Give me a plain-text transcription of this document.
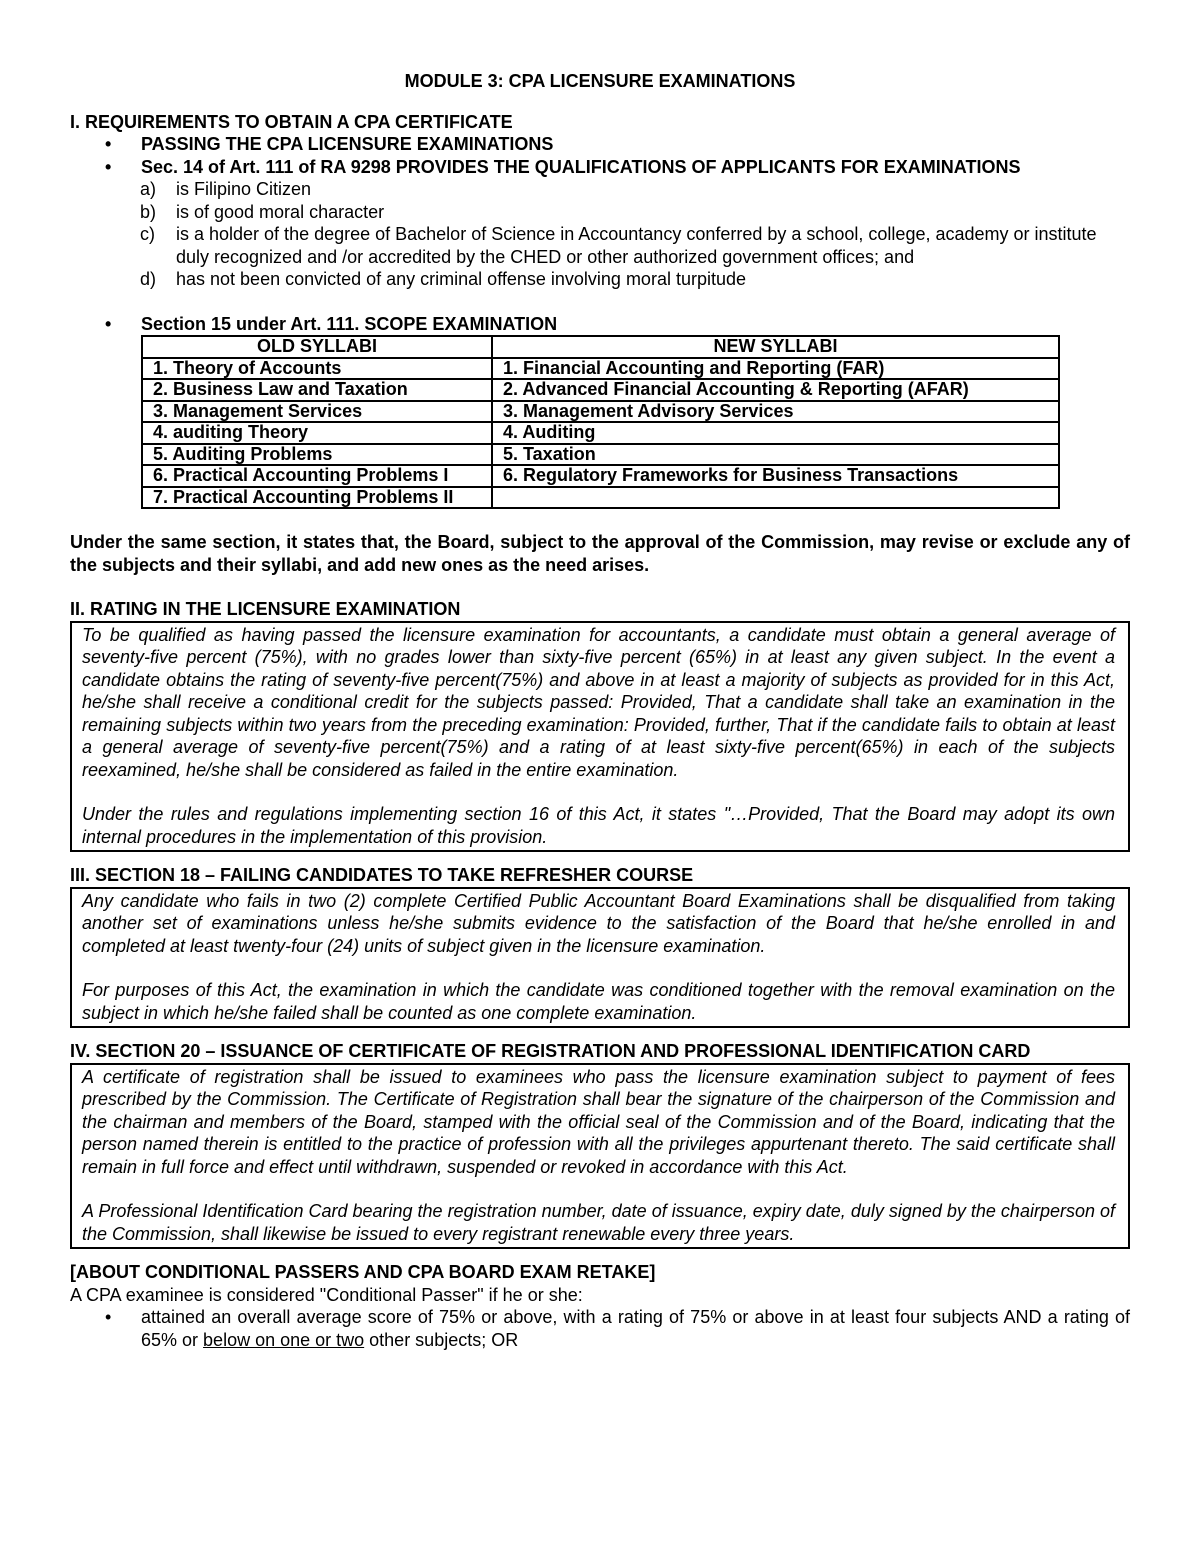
MODULE 3: CPA LICENSURE EXAMINATIONS

I. REQUIREMENTS TO OBTAIN A CPA CERTIFICATE

• PASSING THE CPA LICENSURE EXAMINATIONS
• Sec. 14 of Art. 111 of RA 9298 PROVIDES THE QUALIFICATIONS OF APPLICANTS FOR EXAMINATIONS
a) is Filipino Citizen
b) is of good moral character
c) is a holder of the degree of Bachelor of Science in Accountancy conferred by a school, college, academy or institute duly recognized and /or accredited by the CHED or other authorized government offices; and
d) has not been convicted of any criminal offense involving moral turpitude
• Section 15 under Art. 111. SCOPE EXAMINATION
OLD SYLLABI	NEW SYLLABI
1. Theory of Accounts	1. Financial Accounting and Reporting (FAR)
2. Business Law and Taxation	2. Advanced Financial Accounting & Reporting (AFAR)
3. Management Services	3. Management Advisory Services
4. auditing Theory	4. Auditing
5. Auditing Problems	5. Taxation
6. Practical Accounting Problems I	6. Regulatory Frameworks for Business Transactions
7. Practical Accounting Problems II	

Under the same section, it states that, the Board, subject to the approval of the Commission, may revise or exclude any of the subjects and their syllabi, and add new ones as the need arises.

II. RATING IN THE LICENSURE EXAMINATION

To be qualified as having passed the licensure examination for accountants, a candidate must obtain a general average of seventy-five percent (75%), with no grades lower than sixty-five percent (65%) in at least any given subject. In the event a candidate obtains the rating of seventy-five percent(75%) and above in at least a majority of subjects as provided for in this Act, he/she shall receive a conditional credit for the subjects passed: Provided, That a candidate shall take an examination in the remaining subjects within two years from the preceding examination: Provided, further, That if the candidate fails to obtain at least a general average of seventy-five percent(75%) and a rating of at least sixty-five percent(65%) in each of the subjects reexamined, he/she shall be considered as failed in the entire examination.

Under the rules and regulations implementing section 16 of this Act, it states "…Provided, That the Board may adopt its own internal procedures in the implementation of this provision.

III. SECTION 18 – FAILING CANDIDATES TO TAKE REFRESHER COURSE

Any candidate who fails in two (2) complete Certified Public Accountant Board Examinations shall be disqualified from taking another set of examinations unless he/she submits evidence to the satisfaction of the Board that he/she enrolled in and completed at least twenty-four (24) units of subject given in the licensure examination.

For purposes of this Act, the examination in which the candidate was conditioned together with the removal examination on the subject in which he/she failed shall be counted as one complete examination.

IV. SECTION 20 – ISSUANCE OF CERTIFICATE OF REGISTRATION AND PROFESSIONAL IDENTIFICATION CARD

A certificate of registration shall be issued to examinees who pass the licensure examination subject to payment of fees prescribed by the Commission. The Certificate of Registration shall bear the signature of the chairperson of the Commission and the chairman and members of the Board, stamped with the official seal of the Commission and of the Board, indicating that the person named therein is entitled to the practice of profession with all the privileges appurtenant thereto. The said certificate shall remain in full force and effect until withdrawn, suspended or revoked in accordance with this Act.

A Professional Identification Card bearing the registration number, date of issuance, expiry date, duly signed by the chairperson of the Commission, shall likewise be issued to every registrant renewable every three years.

[ABOUT CONDITIONAL PASSERS AND CPA BOARD EXAM RETAKE]

A CPA examinee is considered "Conditional Passer" if he or she:

• attained an overall average score of 75% or above, with a rating of 75% or above in at least four subjects AND a rating of 65% or below on one or two other subjects; OR
